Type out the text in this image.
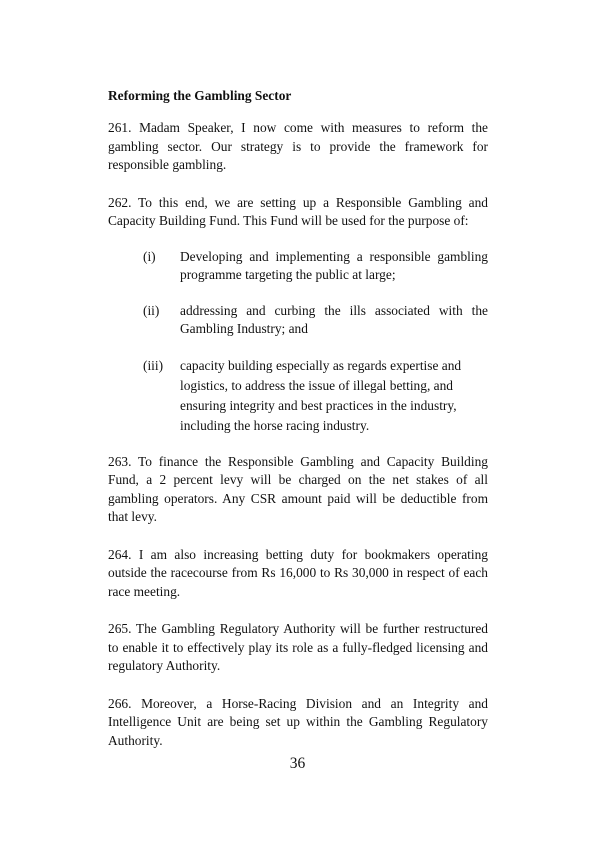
Reforming the Gambling Sector

261. Madam Speaker, I now come with measures to reform the gambling sector. Our strategy is to provide the framework for responsible gambling.

262. To this end, we are setting up a Responsible Gambling and Capacity Building Fund. This Fund will be used for the purpose of:

(i)	Developing and implementing a responsible gambling programme targeting the public at large;
(ii)	addressing and curbing the ills associated with the Gambling Industry; and
(iii)	capacity building especially as regards expertise and logistics, to address the issue of illegal betting, and ensuring integrity and best practices in the industry, including the horse racing industry.

263. To finance the Responsible Gambling and Capacity Building Fund, a 2 percent levy will be charged on the net stakes of all gambling operators. Any CSR amount paid will be deductible from that levy.

264. I am also increasing betting duty for bookmakers operating outside the racecourse from Rs 16,000 to Rs 30,000 in respect of each race meeting.

265. The Gambling Regulatory Authority will be further restructured to enable it to effectively play its role as a fully-fledged licensing and regulatory Authority.

266. Moreover, a Horse-Racing Division and an Integrity and Intelligence Unit are being set up within the Gambling Regulatory Authority.

36
